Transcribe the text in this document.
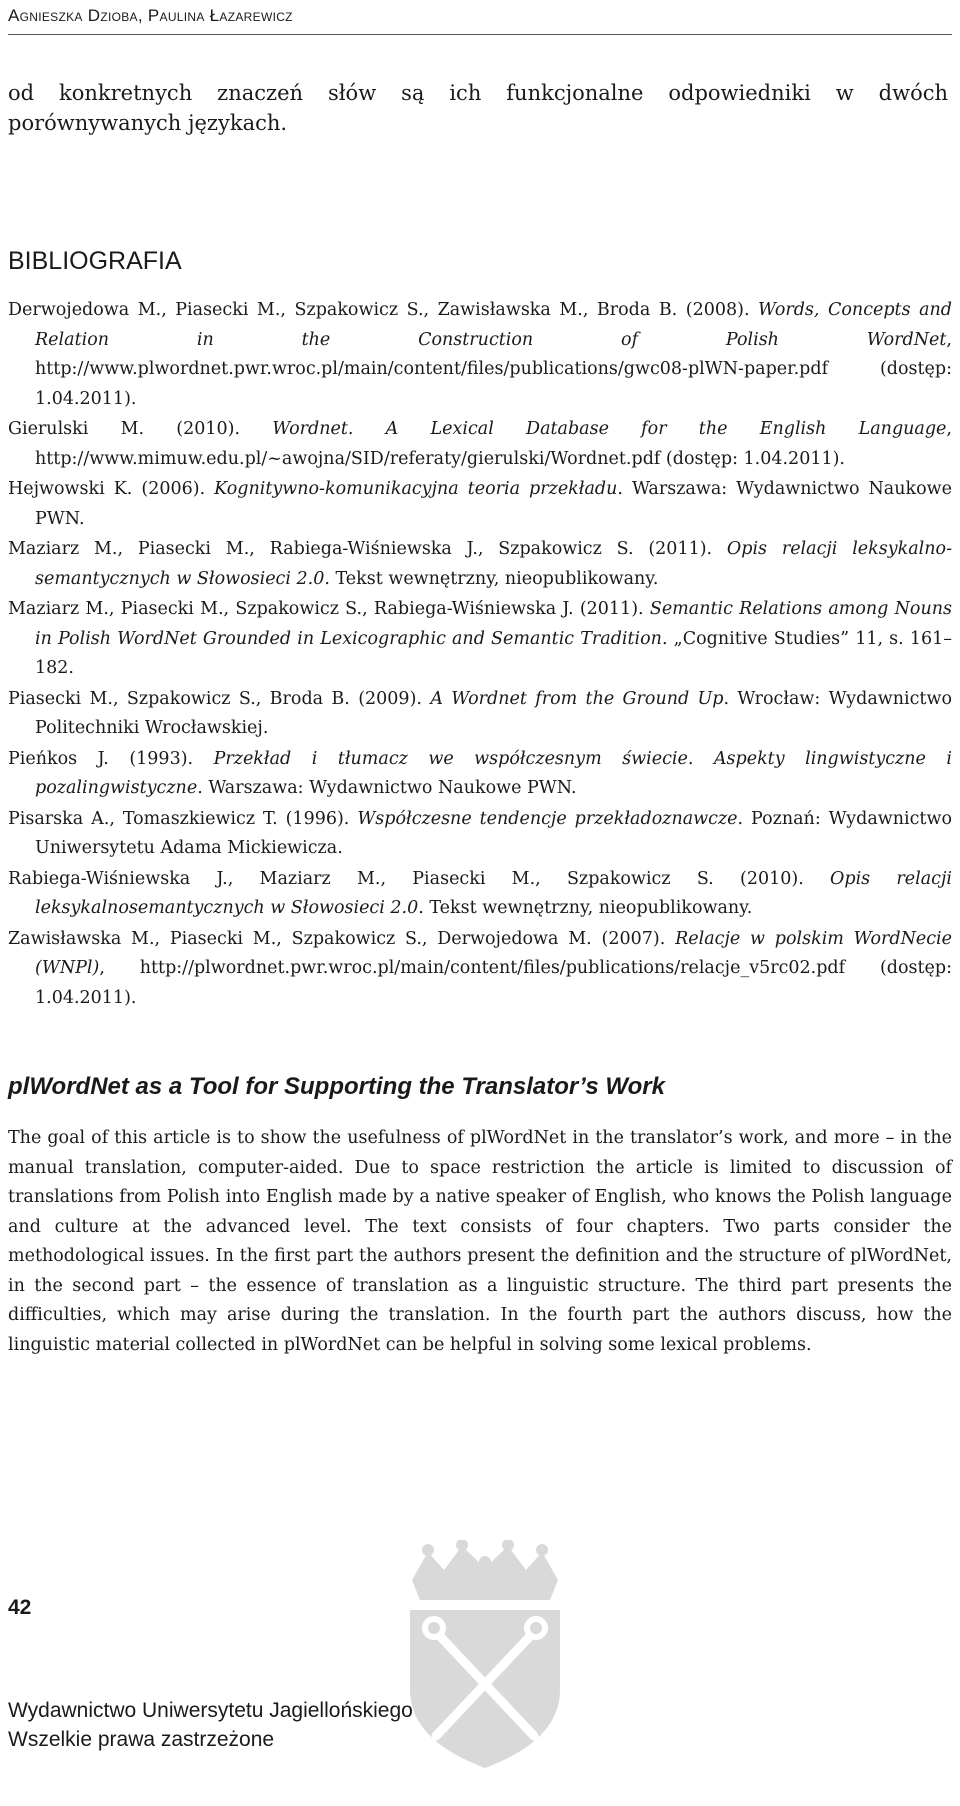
Agnieszka Dzioba, Paulina Łazarewicz

od konkretnych znaczeń słów są ich funkcjonalne odpowiedniki w dwóch porównywanych językach.

BIBLIOGRAFIA
Derwojedowa M., Piasecki M., Szpakowicz S., Zawisławska M., Broda B. (2008). Words, Concepts and Relation in the Construction of Polish WordNet, http://www.plwordnet.pwr.wroc.pl/main/content/files/publications/gwc08-plWN-paper.pdf (dostęp: 1.04.2011).
Gierulski M. (2010). Wordnet. A Lexical Database for the English Language, http://www.mimuw.edu.pl/~awojna/SID/referaty/gierulski/Wordnet.pdf (dostęp: 1.04.2011).
Hejwowski K. (2006). Kognitywno-komunikacyjna teoria przekładu. Warszawa: Wydawnictwo Naukowe PWN.
Maziarz M., Piasecki M., Rabiega-Wiśniewska J., Szpakowicz S. (2011). Opis relacji leksykalno-semantycznych w Słowosieci 2.0. Tekst wewnętrzny, nieopublikowany.
Maziarz M., Piasecki M., Szpakowicz S., Rabiega-Wiśniewska J. (2011). Semantic Relations among Nouns in Polish WordNet Grounded in Lexicographic and Semantic Tradition. „Cognitive Studies” 11, s. 161–182.
Piasecki M., Szpakowicz S., Broda B. (2009). A Wordnet from the Ground Up. Wrocław: Wydawnictwo Politechniki Wrocławskiej.
Pieńkos J. (1993). Przekład i tłumacz we współczesnym świecie. Aspekty lingwistyczne i pozalingwistyczne. Warszawa: Wydawnictwo Naukowe PWN.
Pisarska A., Tomaszkiewicz T. (1996). Współczesne tendencje przekładoznawcze. Poznań: Wydawnictwo Uniwersytetu Adama Mickiewicza.
Rabiega-Wiśniewska J., Maziarz M., Piasecki M., Szpakowicz S. (2010). Opis relacji leksykalnosemantycznych w Słowosieci 2.0. Tekst wewnętrzny, nieopublikowany.
Zawisławska M., Piasecki M., Szpakowicz S., Derwojedowa M. (2007). Relacje w polskim WordNecie (WNPl), http://plwordnet.pwr.wroc.pl/main/content/files/publications/relacje_v5rc02.pdf (dostęp: 1.04.2011).
plWordNet as a Tool for Supporting the Translator’s Work

The goal of this article is to show the usefulness of plWordNet in the translator’s work, and more – in the manual translation, computer-aided. Due to space restriction the article is limited to discussion of translations from Polish into English made by a native speaker of English, who knows the Polish language and culture at the advanced level. The text consists of four chapters. Two parts consider the methodological issues. In the first part the authors present the definition and the structure of plWordNet, in the second part – the essence of translation as a linguistic structure. The third part presents the difficulties, which may arise during the translation. In the fourth part the authors discuss, how the linguistic material collected in plWordNet can be helpful in solving some lexical problems.

42
Wydawnictwo Uniwersytetu Jagiellońskiego
Wszelkie prawa zastrzeżone
